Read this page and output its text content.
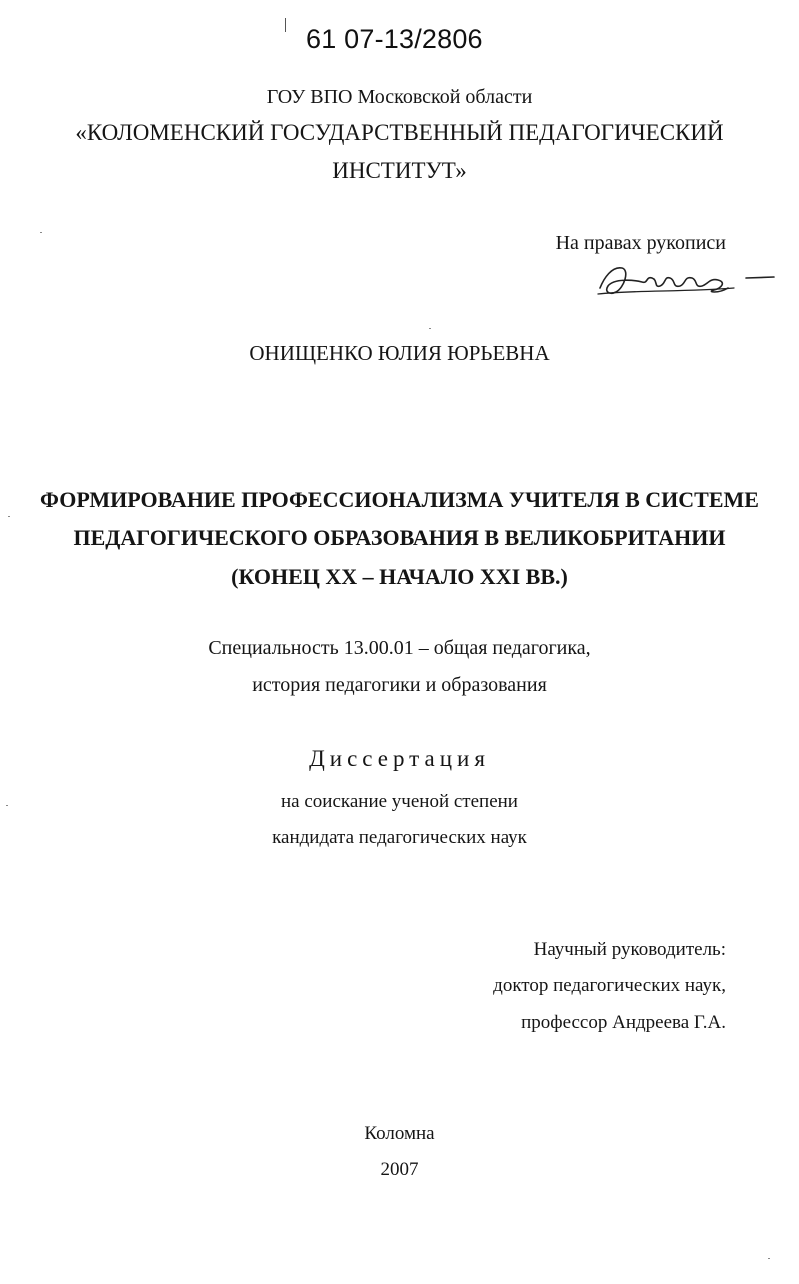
61 07-13/2806
ГОУ ВПО Московской области
«КОЛОМЕНСКИЙ ГОСУДАРСТВЕННЫЙ ПЕДАГОГИЧЕСКИЙ
ИНСТИТУТ»
На правах рукописи
ОНИЩЕНКО ЮЛИЯ ЮРЬЕВНА
ФОРМИРОВАНИЕ ПРОФЕССИОНАЛИЗМА УЧИТЕЛЯ В СИСТЕМЕ
ПЕДАГОГИЧЕСКОГО ОБРАЗОВАНИЯ В ВЕЛИКОБРИТАНИИ
(КОНЕЦ XX – НАЧАЛО XXI ВВ.)
Специальность 13.00.01 – общая педагогика,
история педагогики и образования
Диссертация
на соискание ученой степени
кандидата педагогических наук
Научный руководитель:
доктор педагогических наук,
профессор Андреева Г.А.
Коломна
2007
